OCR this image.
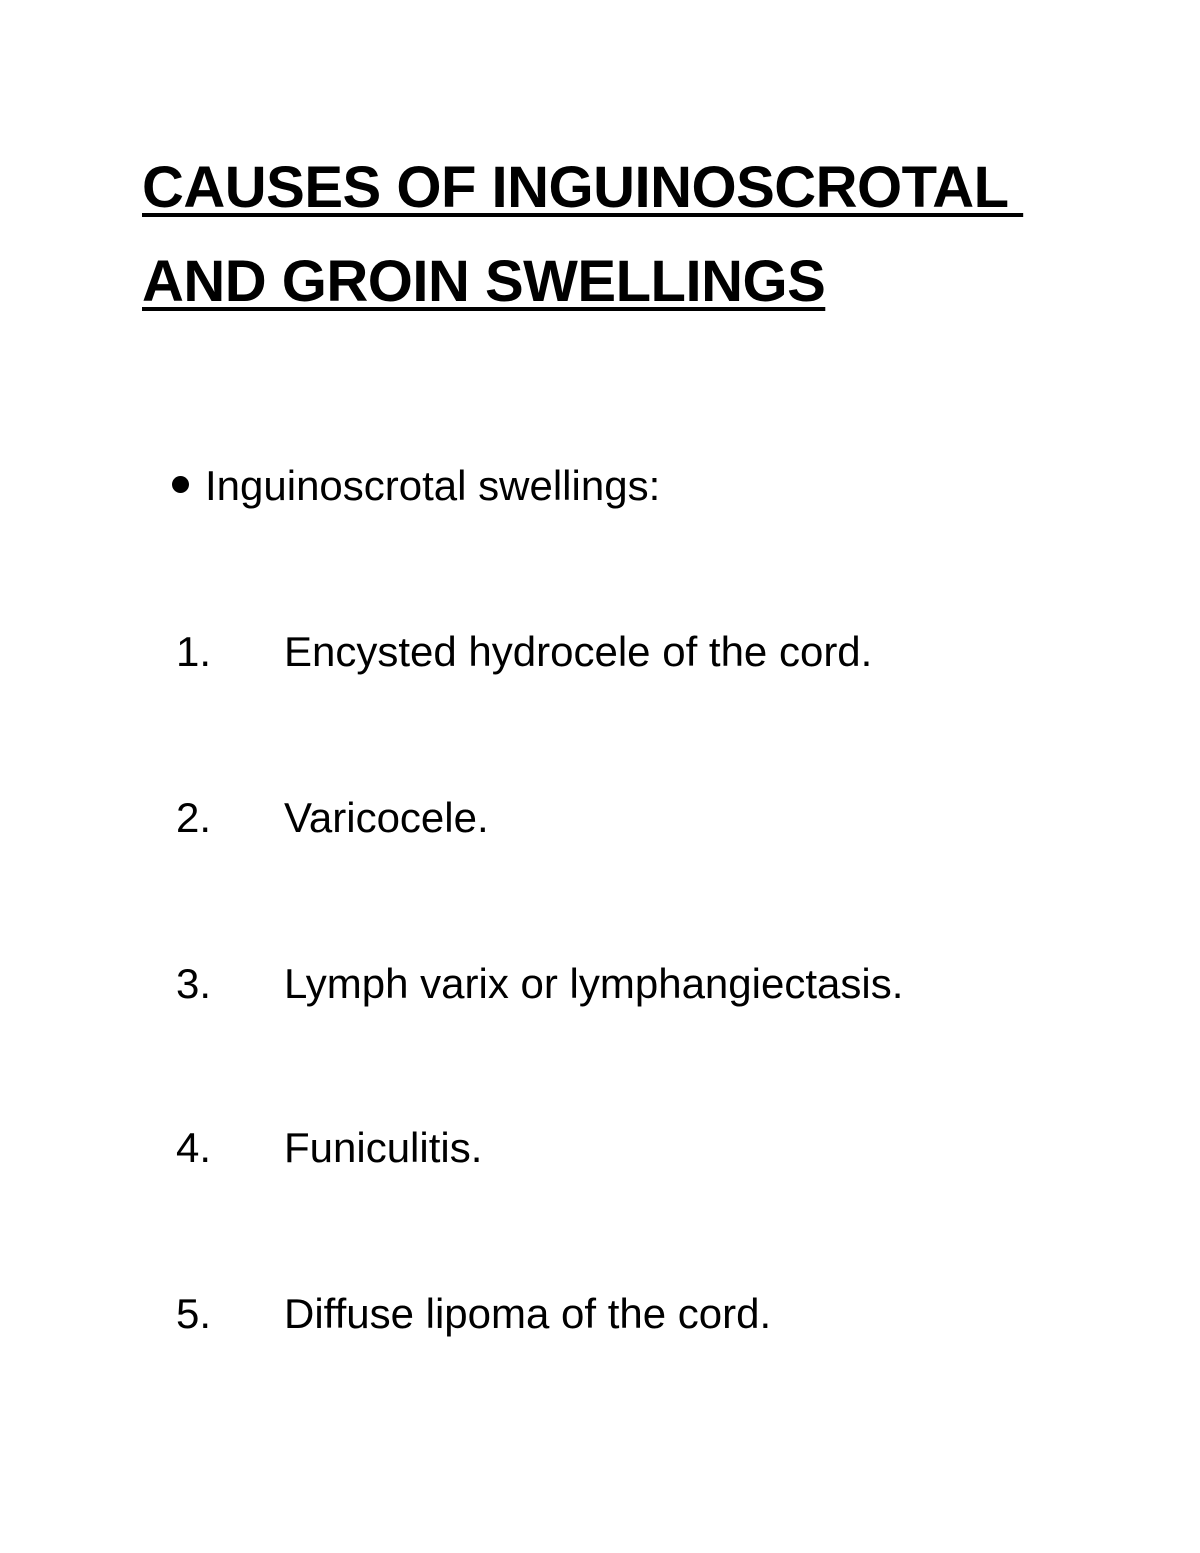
CAUSES OF INGUINOSCROTAL
AND GROIN SWELLINGS
Inguinoscrotal swellings:
1. Encysted hydrocele of the cord.
2. Varicocele.
3. Lymph varix or lymphangiectasis.
4. Funiculitis.
5. Diffuse lipoma of the cord.
